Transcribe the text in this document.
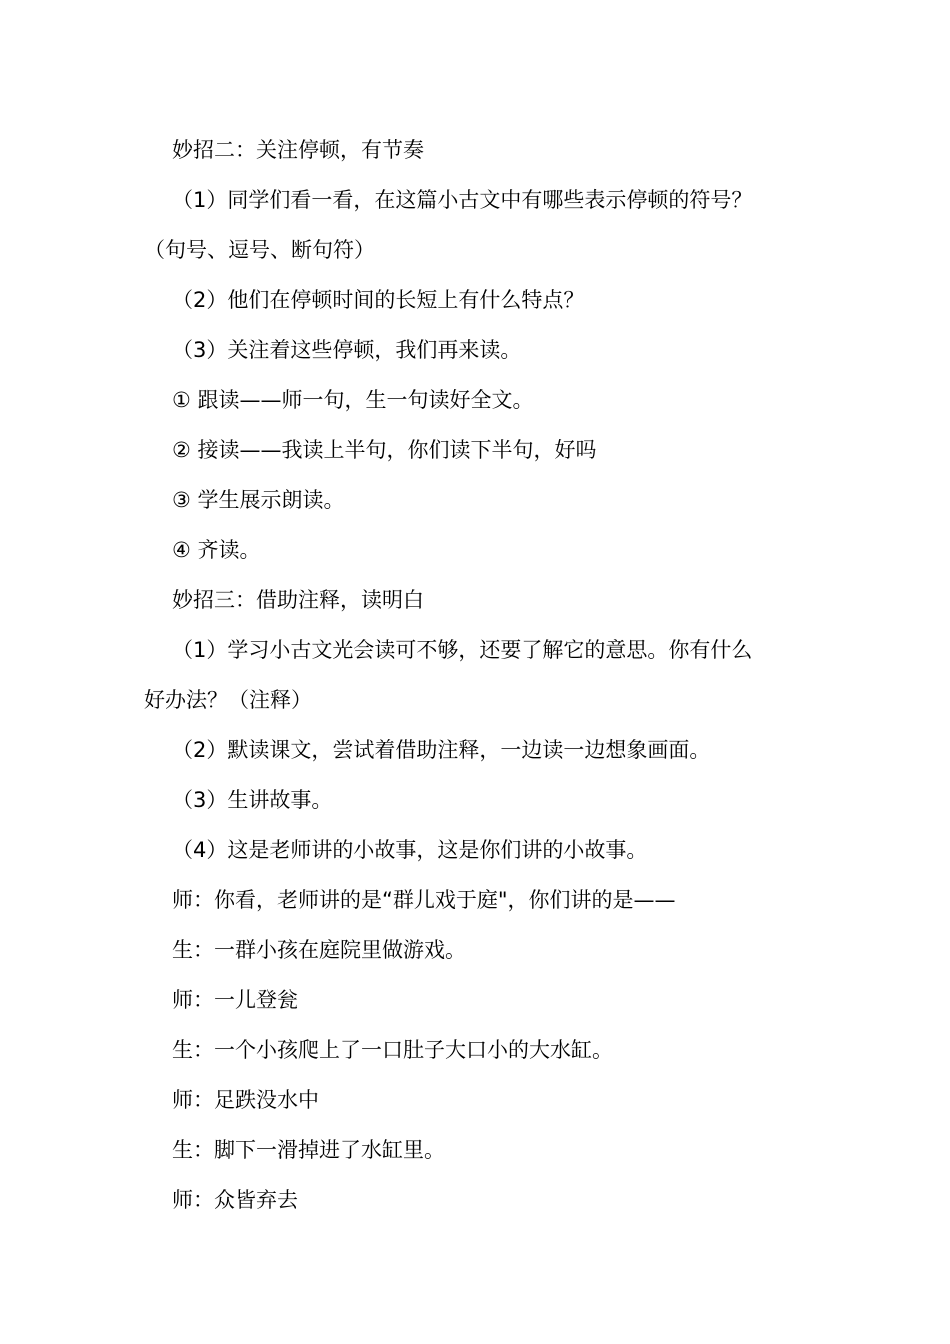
妙招二：关注停顿，有节奏

（1）同学们看一看，在这篇小古文中有哪些表示停顿的符号？

（句号、逗号、断句符）

（2）他们在停顿时间的长短上有什么特点？

（3）关注着这些停顿，我们再来读。

① 跟读——师一句，生一句读好全文。

② 接读——我读上半句，你们读下半句，好吗

③ 学生展示朗读。

④ 齐读。

妙招三：借助注释，读明白

（1）学习小古文光会读可不够，还要了解它的意思。你有什么

好办法？（注释）

（2）默读课文，尝试着借助注释，一边读一边想象画面。

（3）生讲故事。

（4）这是老师讲的小故事，这是你们讲的小故事。

师：你看，老师讲的是“群儿戏于庭"，你们讲的是——

生：一群小孩在庭院里做游戏。

师：一儿登瓮

生：一个小孩爬上了一口肚子大口小的大水缸。

师：足跌没水中

生：脚下一滑掉进了水缸里。

师：众皆弃去
